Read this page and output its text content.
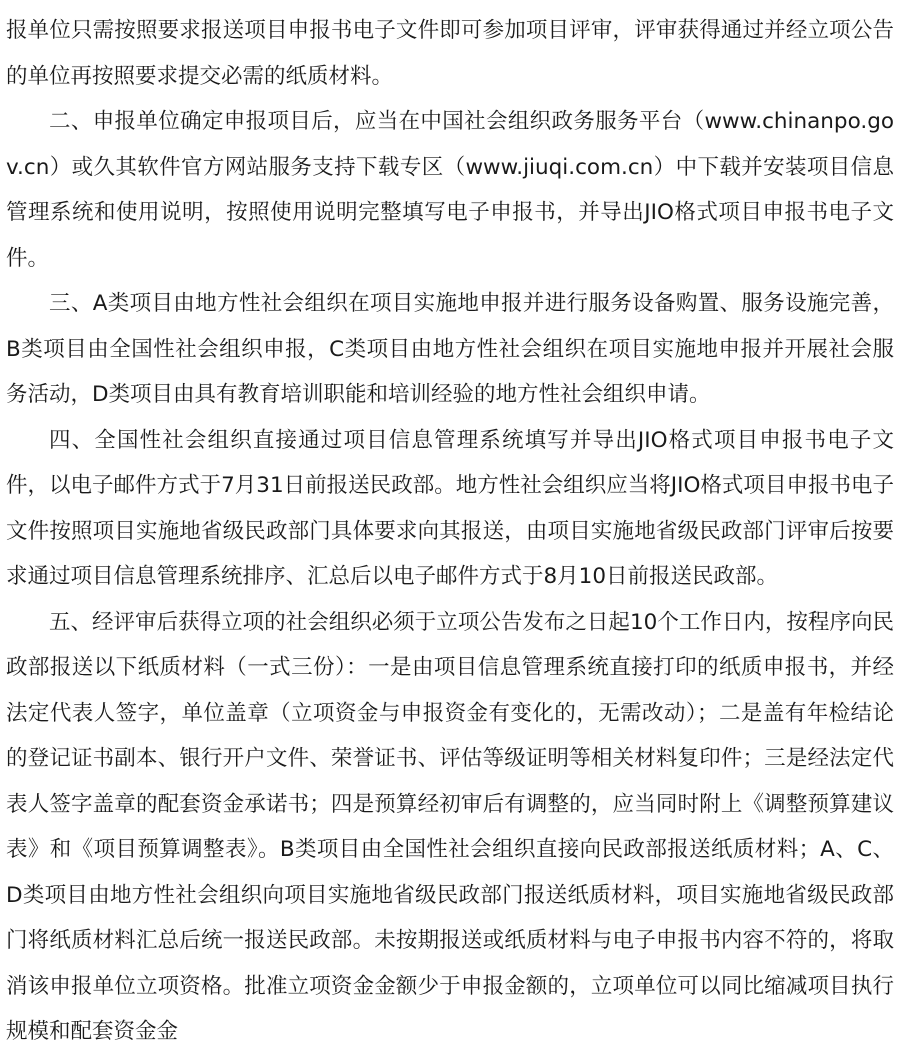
报单位只需按照要求报送项目申报书电子文件即可参加项目评审，评审获得通过并经立项公告的单位再按照要求提交必需的纸质材料。

二、申报单位确定申报项目后，应当在中国社会组织政务服务平台（www.chinanpo.gov.cn）或久其软件官方网站服务支持下载专区（www.jiuqi.com.cn）中下载并安装项目信息管理系统和使用说明，按照使用说明完整填写电子申报书，并导出JIO格式项目申报书电子文件。

三、A类项目由地方性社会组织在项目实施地申报并进行服务设备购置、服务设施完善，B类项目由全国性社会组织申报，C类项目由地方性社会组织在项目实施地申报并开展社会服务活动，D类项目由具有教育培训职能和培训经验的地方性社会组织申请。

四、全国性社会组织直接通过项目信息管理系统填写并导出JIO格式项目申报书电子文件，以电子邮件方式于7月31日前报送民政部。地方性社会组织应当将JIO格式项目申报书电子文件按照项目实施地省级民政部门具体要求向其报送，由项目实施地省级民政部门评审后按要求通过项目信息管理系统排序、汇总后以电子邮件方式于8月10日前报送民政部。

五、经评审后获得立项的社会组织必须于立项公告发布之日起10个工作日内，按程序向民政部报送以下纸质材料（一式三份）：一是由项目信息管理系统直接打印的纸质申报书，并经法定代表人签字，单位盖章（立项资金与申报资金有变化的，无需改动）；二是盖有年检结论的登记证书副本、银行开户文件、荣誉证书、评估等级证明等相关材料复印件；三是经法定代表人签字盖章的配套资金承诺书；四是预算经初审后有调整的，应当同时附上《调整预算建议表》和《项目预算调整表》。B类项目由全国性社会组织直接向民政部报送纸质材料；A、C、D类项目由地方性社会组织向项目实施地省级民政部门报送纸质材料，项目实施地省级民政部门将纸质材料汇总后统一报送民政部。未按期报送或纸质材料与电子申报书内容不符的，将取消该申报单位立项资格。批准立项资金金额少于申报金额的，立项单位可以同比缩减项目执行规模和配套资金金
